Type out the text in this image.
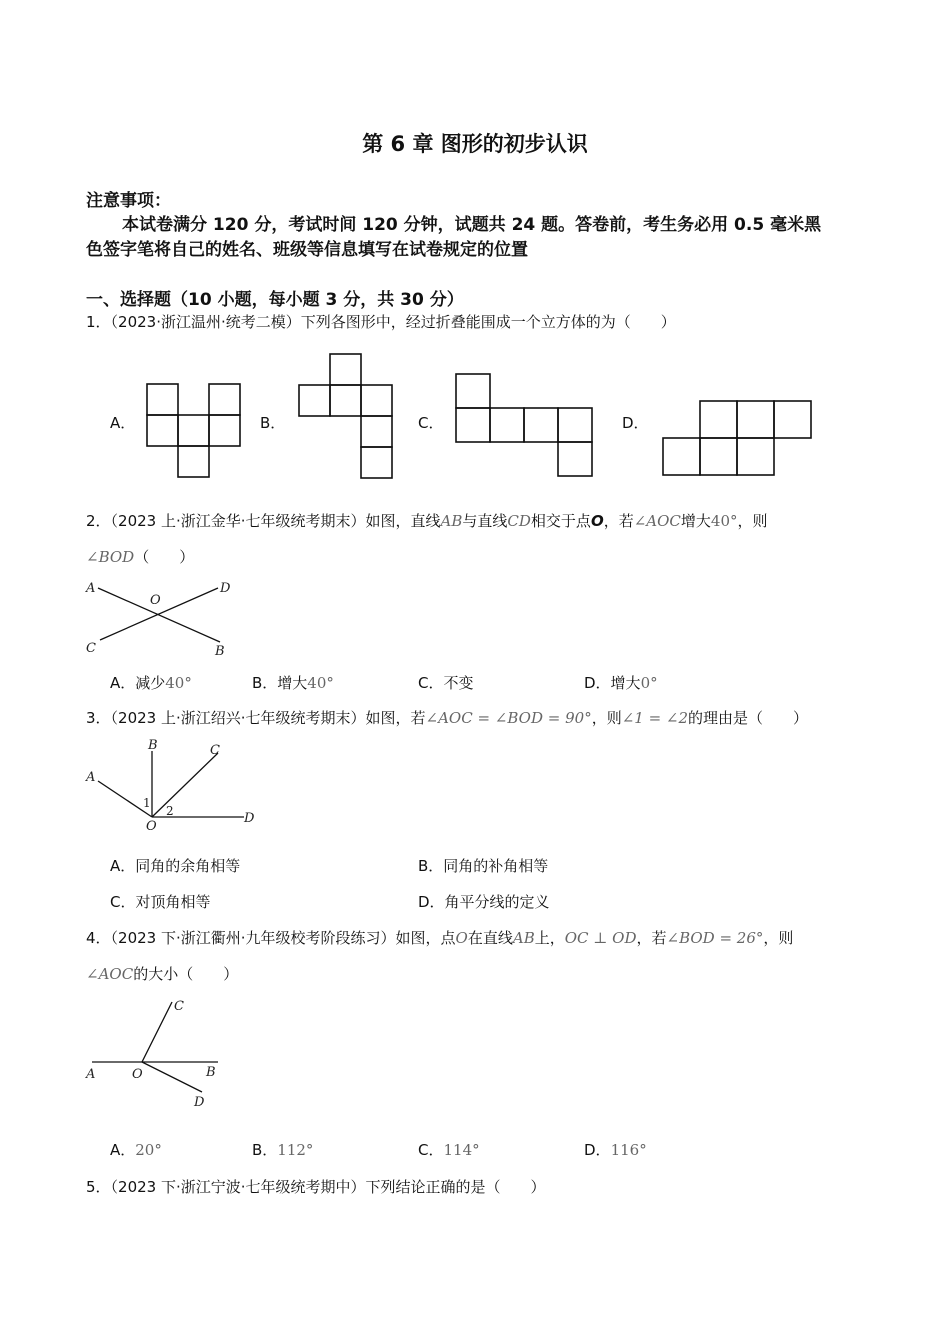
第 6 章 图形的初步认识
注意事项：
本试卷满分 120 分，考试时间 120 分钟，试题共 24 题。答卷前，考生务必用 0.5 毫米黑
色签字笔将自己的姓名、班级等信息填写在试卷规定的位置
一、选择题（10 小题，每小题 3 分，共 30 分）
1．（2023·浙江温州·统考二模）下列各图形中，经过折叠能围成一个立方体的为（　　）
A．	B．	C．	D．
2．（2023 上·浙江金华·七年级统考期末）如图，直线AB与直线CD相交于点O，若∠AOC增大40°，则
∠BOD（　　）
A	D
O
C	B
A．减少40°	B．增大40°	C．不变	D．增大0°
3．（2023 上·浙江绍兴·七年级统考期末）如图，若∠AOC = ∠BOD = 90°，则∠1 = ∠2的理由是（　　）
B	C
A
D
O
1
2
A．同角的余角相等	B．同角的补角相等
C．对顶角相等	D．角平分线的定义
4．（2023 下·浙江衢州·九年级校考阶段练习）如图，点O在直线AB上，OC ⊥ OD，若∠BOD = 26°，则
∠AOC的大小（　　）
C
A	O	B
D
A．20°	B．112°	C．114°	D．116°
5．（2023 下·浙江宁波·七年级统考期中）下列结论正确的是（　　）
